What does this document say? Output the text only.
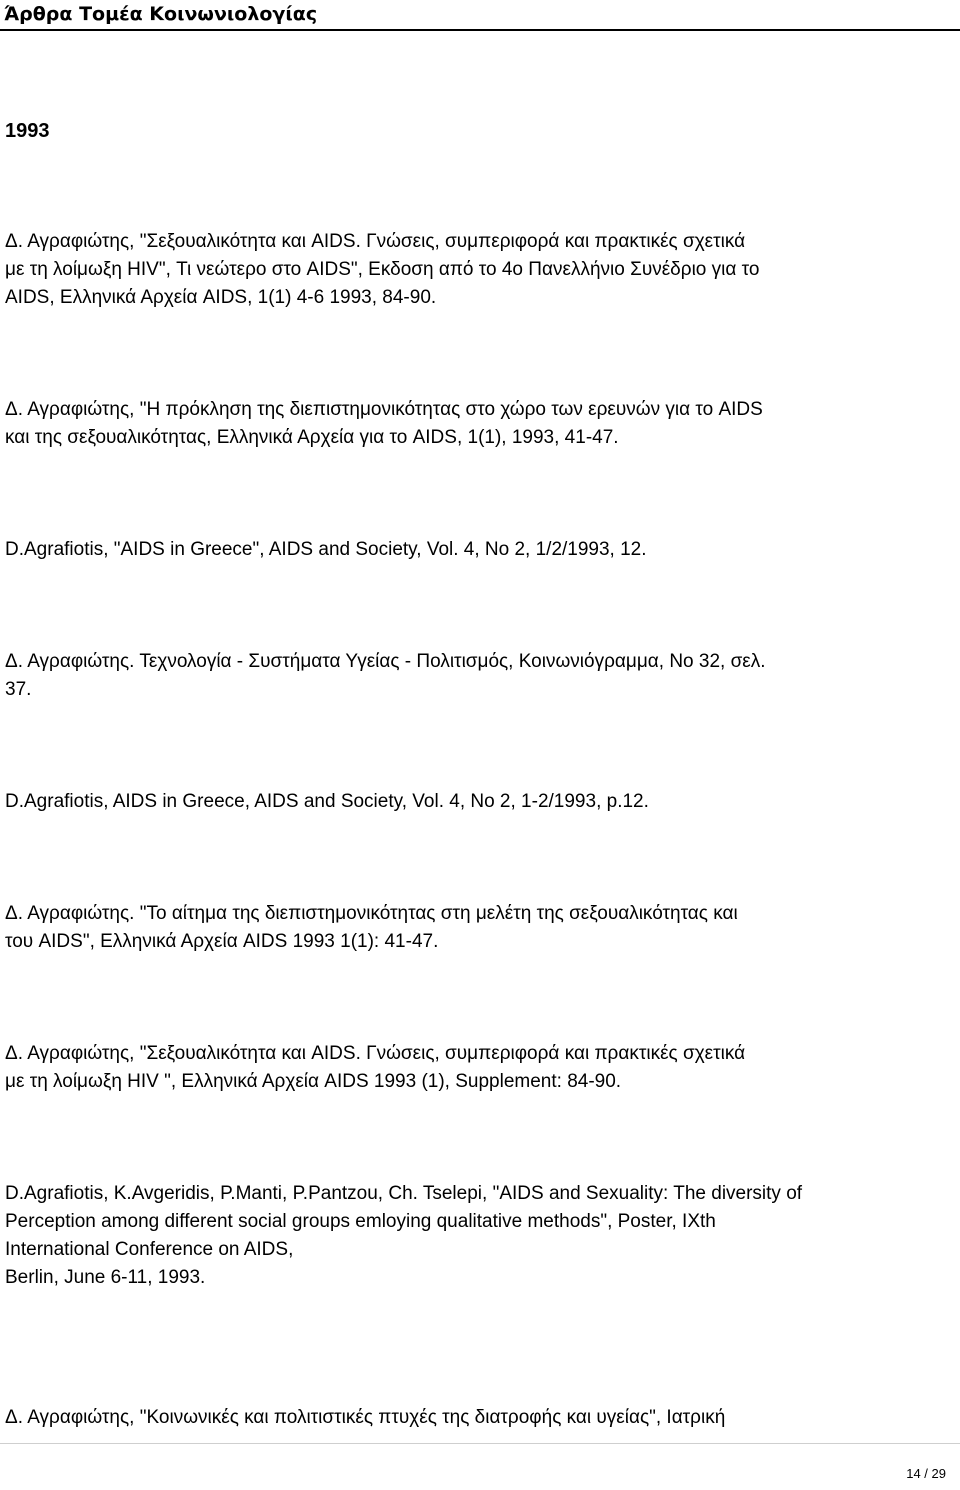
Άρθρα Τομέα Κοινωνιολογίας
1993
Δ. Αγραφιώτης, "Σεξουαλικότητα και AIDS. Γνώσεις, συμπεριφορά και πρακτικές σχετικά
με τη λοίμωξη HIV", Τι νεώτερο στο AIDS", Εκδοση από το 4ο Πανελλήνιο Συνέδριο για το
AIDS, Ελληνικά Αρχεία AIDS, 1(1) 4-6 1993, 84-90.
Δ. Αγραφιώτης, "Η πρόκληση της διεπιστημονικότητας στο χώρο των ερευνών για το AIDS
και της σεξουαλικότητας, Ελληνικά Αρχεία για το AIDS, 1(1), 1993, 41-47.
D.Agrafiotis, "AIDS in Greece", AIDS and Society, Vol. 4, No 2, 1/2/1993, 12.
Δ. Αγραφιώτης. Τεχνολογία - Συστήματα Υγείας - Πολιτισμός, Κοινωνιόγραμμα, Νο 32, σελ.
37.
D.Agrafiotis, AIDS in Greece, AIDS and Society, Vol. 4, No 2, 1-2/1993, p.12.
Δ. Αγραφιώτης. "Το αίτημα της διεπιστημονικότητας στη μελέτη της σεξουαλικότητας και
του AIDS", Ελληνικά Αρχεία AIDS 1993 1(1): 41-47.
Δ. Αγραφιώτης, "Σεξουαλικότητα και AIDS. Γνώσεις, συμπεριφορά και πρακτικές σχετικά
με τη λοίμωξη HIV ", Ελληνικά Αρχεία AIDS 1993 (1), Supplement: 84-90.
D.Agrafiotis, K.Avgeridis, P.Manti, P.Pantzou, Ch. Tselepi, "AIDS and Sexuality: The diversity of
Perception among different social groups emloying qualitative methods", Poster, IXth
International Conference on AIDS,
Berlin, June 6-11, 1993.
Δ. Αγραφιώτης, "Κοινωνικές και πολιτιστικές πτυχές της διατροφής και υγείας", Ιατρική
14 / 29
